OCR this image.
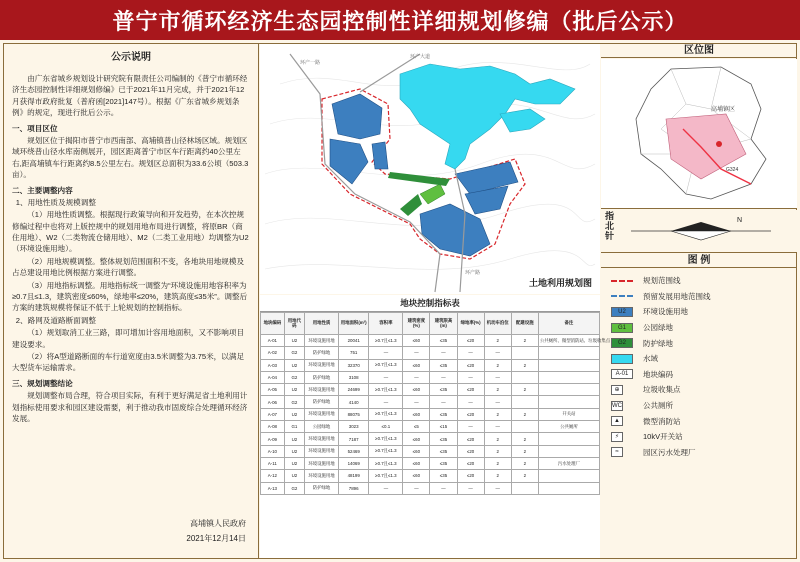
普宁市循环经济生态园控制性详细规划修编（批后公示）
公示说明

由广东省城乡规划设计研究院有限责任公司编制的《普宁市循环经济生态园控制性详细规划修编》已于2021年11月完成，并于2021年12月获得市政府批复（普府函[2021]147号）。根据《广东省城乡规划条例》的规定，现进行批后公示。

一、项目区位

规划区位于揭阳市普宁市西南部、高埔镇普山径林场区域。规划区域环绕普山径水库南侧展开，园区距离普宁市区车行距离约40公里左右,距高埔镇车行距离约8.5公里左右。规划区总面积为33.6公顷（503.3亩）。

二、主要调整内容

1、用地性质及规模调整

（1）用地性质调整。根据现行政策导向和开发趋势，在本次控规修编过程中也将对上版控规中的规划用地布局进行调整，将原BR（商住用地）、W2（二类物流仓储用地）、M2（二类工业用地）均调整为U2（环境设施用地）。

（2）用地规模调整。整体规划范围面积不变，各地块用地规模及占总建设用地比例根据方案进行调整。

（3）用地指标调整。用地指标统一调整为“环境设施用地容积率为≥0.7且≤1.3，建筑密度≤60%，绿地率≤20%，建筑高度≤35米”。调整后方案的建筑规模将保证不低于上轮规划的控制指标。

2、路网及道路断面调整

（1）规划取消工业三路，即可增加计容用地面积，又不影响项目建设要求。

（2）将A型道路断面的车行道宽度由3.5米调整为3.75米，以满足大型货车运输需求。

三、规划调整结论

规划调整布局合理，符合项目实际，有利于更好满足省土地利用计划指标使用要求和园区建设需要，利于推动我市固废综合处理循环经济发展。

高埔镇人民政府
2021年12月14日
环产一路
环产大道
环产路
土地利用规划图
地块控制指标表
地块编码	用地代码	用地性质	用地面积(m²)	容积率	建筑密度(%)	建筑限高(m)	绿地率(%)	机动车泊位	配建设施	备注
A-01	U2	环境设施用地	20041	≥0.7且≤1.3	≤60	≤35	≤20	2	2	公共厕所、微型消防站、垃圾收集点
A-02	G2	防护绿地	751	—	—	—	—	—		
A-03	U2	环境设施用地	32370	≥0.7且≤1.3	≤60	≤35	≤20	2	2	
A-04	G2	防护绿地	3108	—	—	—	—	—		
A-05	U2	环境设施用地	24699	≥0.7且≤1.3	≤60	≤35	≤20	2	2	
A-06	G2	防护绿地	4140	—	—	—	—	—		
A-07	U2	环境设施用地	88075	≥0.7且≤1.3	≤60	≤35	≤20	2	2	开关站
A-08	G1	公园绿地	3023	≤0.1	≤5	≤15	—	—		公共厕所
A-09	U2	环境设施用地	7187	≥0.7且≤1.3	≤60	≤35	≤20	2	2	
A-10	U2	环境设施用地	52469	≥0.7且≤1.3	≤60	≤35	≤20	2	2	
A-11	U2	环境设施用地	14069	≥0.7且≤1.3	≤60	≤35	≤20	2	2	污水处理厂
A-12	U2	环境设施用地	48199	≥0.7且≤1.3	≤60	≤35	≤20	2	2	
A-13	G2	防护绿地	7896	—	—	—	—	—		
区位图
高埔镇区
G324
指北针
N
图 例
规划范围线
预留发展用地范围线
U2	环境设施用地
G1	公园绿地
G2	防护绿地
水域
A-01	地块编码
⊕	垃圾收集点
WC	公共厕所
▲	微型消防站
⚡	10kV开关站
≈	园区污水处理厂
